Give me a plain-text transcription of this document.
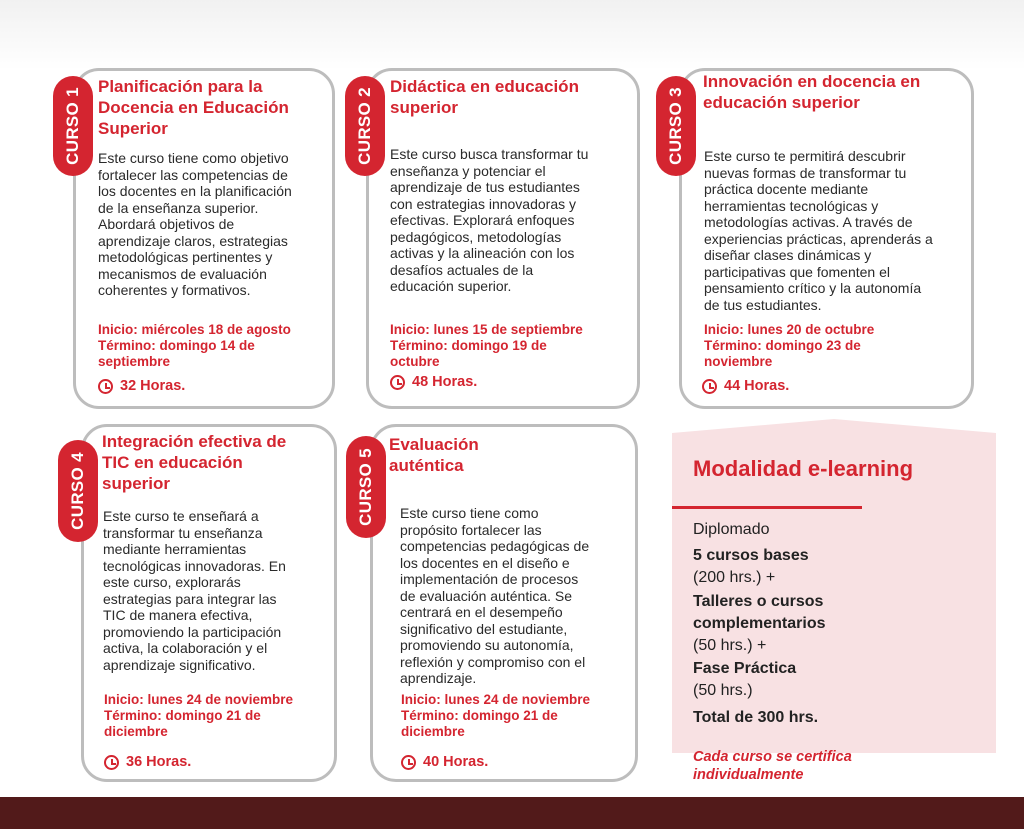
CURSO 1

Planificación para la
Docencia en Educación
Superior

Este curso tiene como objetivo
fortalecer las competencias de
los docentes en la planificación
de la enseñanza superior.
Abordará objetivos de
aprendizaje claros, estrategias
metodológicas pertinentes y
mecanismos de evaluación
coherentes y formativos.

Inicio: miércoles 18 de agosto
Término: domingo 14 de
septiembre

32 Horas.
CURSO 2

Didáctica en educación
superior

Este curso busca transformar tu
enseñanza y potenciar el
aprendizaje de tus estudiantes
con estrategias innovadoras y
efectivas. Explorará enfoques
pedagógicos, metodologías
activas y la alineación con los
desafíos actuales de la
educación superior.

Inicio: lunes 15 de septiembre
Término: domingo 19 de
octubre

48 Horas.
CURSO 3

Innovación en docencia en
educación superior

Este curso te permitirá descubrir
nuevas formas de transformar tu
práctica docente mediante
herramientas tecnológicas y
metodologías activas. A través de
experiencias prácticas, aprenderás a
diseñar clases dinámicas y
participativas que fomenten el
pensamiento crítico y la autonomía
de tus estudiantes.

Inicio: lunes 20 de octubre
Término: domingo 23 de
noviembre

44 Horas.
CURSO 4

Integración efectiva de
TIC en educación
superior

Este curso te enseñará a
transformar tu enseñanza
mediante herramientas
tecnológicas innovadoras. En
este curso, explorarás
estrategias para integrar las
TIC de manera efectiva,
promoviendo la participación
activa, la colaboración y el
aprendizaje significativo.

Inicio: lunes 24 de noviembre
Término: domingo 21 de
diciembre

36 Horas.
CURSO 5

Evaluación
auténtica

Este curso tiene como
propósito fortalecer las
competencias pedagógicas de
los docentes en el diseño e
implementación de procesos
de evaluación auténtica. Se
centrará en el desempeño
significativo del estudiante,
promoviendo su autonomía,
reflexión y compromiso con el
aprendizaje.

Inicio: lunes 24 de noviembre
Término: domingo 21 de
diciembre

40 Horas.

Modalidad e-learning

Diplomado

5 cursos bases

(200 hrs.) +

Talleres o cursos

complementarios

(50 hrs.) +

Fase Práctica

(50 hrs.)

Total de 300 hrs.

Cada curso se certifica
individualmente
